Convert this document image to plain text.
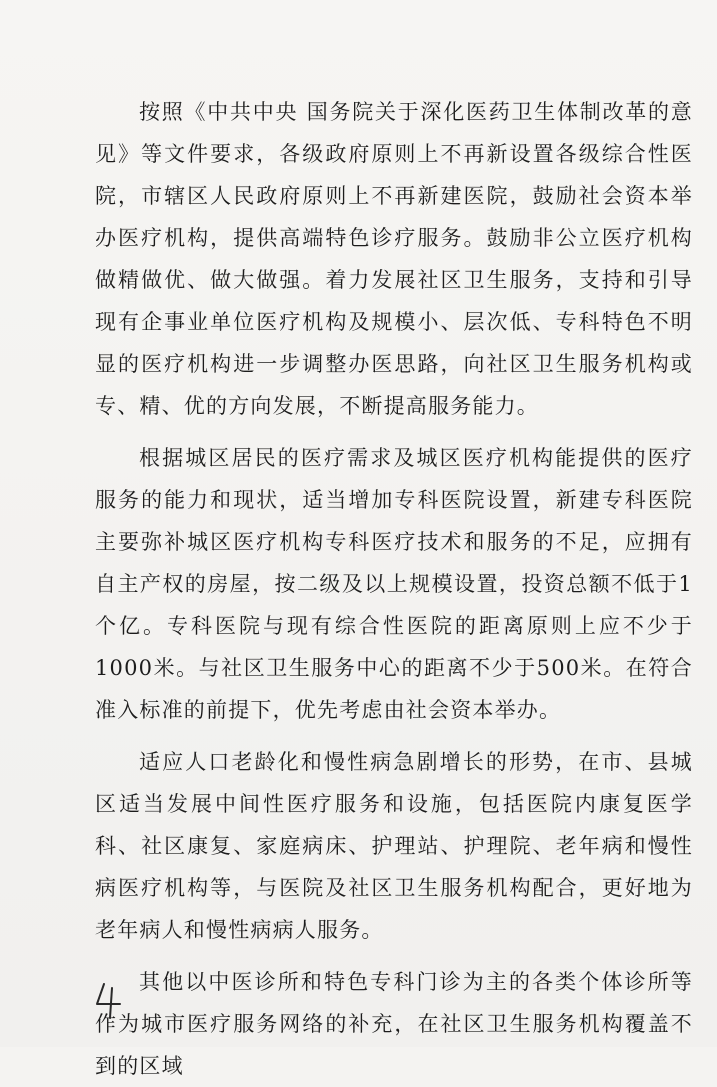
按照《中共中央 国务院关于深化医药卫生体制改革的意见》等文件要求，各级政府原则上不再新设置各级综合性医院，市辖区人民政府原则上不再新建医院，鼓励社会资本举办医疗机构，提供高端特色诊疗服务。鼓励非公立医疗机构做精做优、做大做强。着力发展社区卫生服务，支持和引导现有企事业单位医疗机构及规模小、层次低、专科特色不明显的医疗机构进一步调整办医思路，向社区卫生服务机构或专、精、优的方向发展，不断提高服务能力。

根据城区居民的医疗需求及城区医疗机构能提供的医疗服务的能力和现状，适当增加专科医院设置，新建专科医院主要弥补城区医疗机构专科医疗技术和服务的不足，应拥有自主产权的房屋，按二级及以上规模设置，投资总额不低于1个亿。专科医院与现有综合性医院的距离原则上应不少于1000米。与社区卫生服务中心的距离不少于500米。在符合准入标准的前提下，优先考虑由社会资本举办。

适应人口老龄化和慢性病急剧增长的形势，在市、县城区适当发展中间性医疗服务和设施，包括医院内康复医学科、社区康复、家庭病床、护理站、护理院、老年病和慢性病医疗机构等，与医院及社区卫生服务机构配合，更好地为老年病人和慢性病病人服务。

其他以中医诊所和特色专科门诊为主的各类个体诊所等作为城市医疗服务网络的补充，在社区卫生服务机构覆盖不到的区域
